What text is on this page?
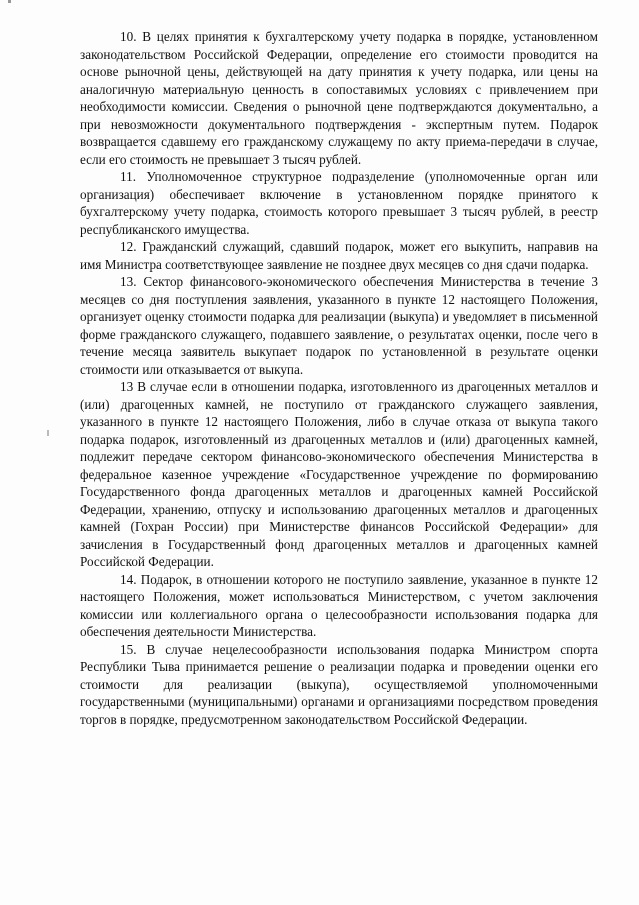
10. В целях принятия к бухгалтерскому учету подарка в порядке, установленном законодательством Российской Федерации, определение его стоимости проводится на основе рыночной цены, действующей на дату принятия к учету подарка, или цены на аналогичную материальную ценность в сопоставимых условиях с привлечением при необходимости комиссии. Сведения о рыночной цене подтверждаются документально, а при невозможности документального подтверждения - экспертным путем. Подарок возвращается сдавшему его гражданскому служащему по акту приема-передачи в случае, если его стоимость не превышает 3 тысяч рублей.

11. Уполномоченное структурное подразделение (уполномоченные орган или организация) обеспечивает включение в установленном порядке принятого к бухгалтерскому учету подарка, стоимость которого превышает 3 тысяч рублей, в реестр республиканского имущества.

12. Гражданский служащий, сдавший подарок, может его выкупить, направив на имя Министра соответствующее заявление не позднее двух месяцев со дня сдачи подарка.

13. Сектор финансового-экономического обеспечения Министерства в течение 3 месяцев со дня поступления заявления, указанного в пункте 12 настоящего Положения, организует оценку стоимости подарка для реализации (выкупа) и уведомляет в письменной форме гражданского служащего, подавшего заявление, о результатах оценки, после чего в течение месяца заявитель выкупает подарок по установленной в результате оценки стоимости или отказывается от выкупа.

13 В случае если в отношении подарка, изготовленного из драгоценных металлов и (или) драгоценных камней, не поступило от гражданского служащего заявления, указанного в пункте 12 настоящего Положения, либо в случае отказа от выкупа такого подарка подарок, изготовленный из драгоценных металлов и (или) драгоценных камней, подлежит передаче сектором финансово-экономического обеспечения Министерства в федеральное казенное учреждение «Государственное учреждение по формированию Государственного фонда драгоценных металлов и драгоценных камней Российской Федерации, хранению, отпуску и использованию драгоценных металлов и драгоценных камней (Гохран России) при Министерстве финансов Российской Федерации» для зачисления в Государственный фонд драгоценных металлов и драгоценных камней Российской Федерации.

14. Подарок, в отношении которого не поступило заявление, указанное в пункте 12 настоящего Положения, может использоваться Министерством, с учетом заключения комиссии или коллегиального органа о целесообразности использования подарка для обеспечения деятельности Министерства.

15. В случае нецелесообразности использования подарка Министром спорта Республики Тыва принимается решение о реализации подарка и проведении оценки его стоимости для реализации (выкупа), осуществляемой уполномоченными государственными (муниципальными) органами и организациями посредством проведения торгов в порядке, предусмотренном законодательством Российской Федерации.
